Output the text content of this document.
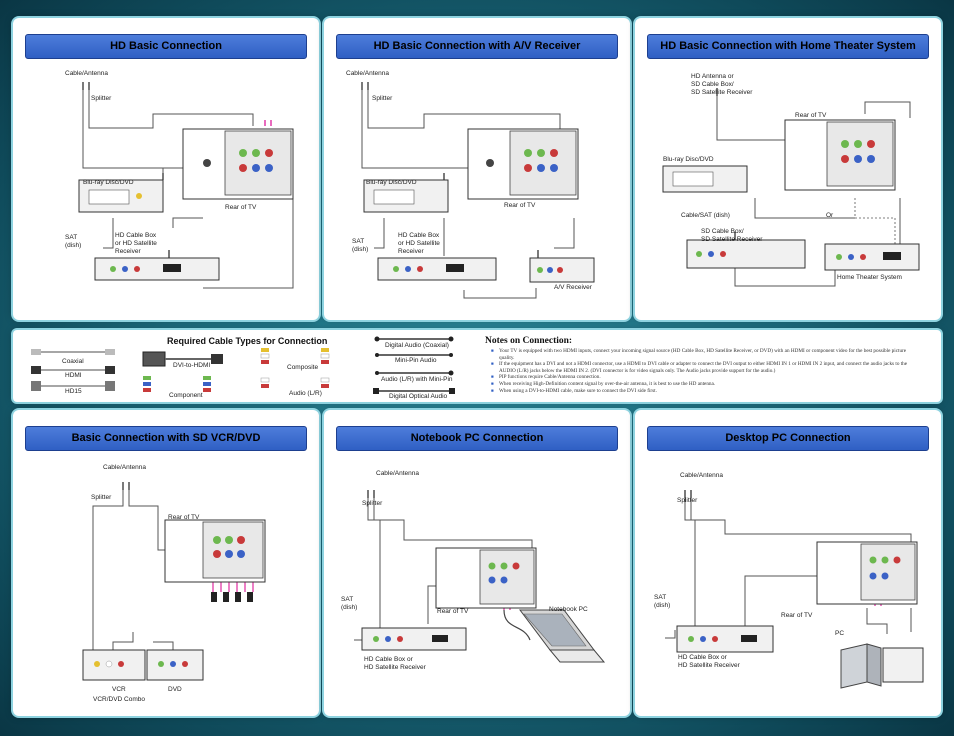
HD Basic Connection
Cable/Antenna
Splitter
Blu-ray Disc/DVD
Rear of TV
SAT
(dish)
HD Cable Box
or HD Satellite
Receiver
HD Basic Connection with A/V Receiver
Cable/Antenna
Splitter
Blu-ray Disc/DVD
Rear of TV
SAT
(dish)
HD Cable Box
or HD Satellite
Receiver
A/V Receiver
HD Basic Connection with Home Theater System
HD Antenna or
SD Cable Box/
SD Satellite Receiver
Rear of TV
Blu-ray Disc/DVD
Cable/SAT (dish)
SD Cable Box/
SD Satellite Receiver
Or
Home Theater System
Required Cable Types for Connection
Coaxial
HDMI
HD15
DVI-to-HDMI
Component
Composite
Audio (L/R)
Digital Audio (Coaxial)
Mini-Pin Audio
Audio (L/R) with Mini-Pin
Digital Optical Audio
Notes on Connection:
■ Your TV is equipped with two HDMI inputs, connect your incoming signal source (HD Cable Box, HD Satellite Receiver, or DVD) with an HDMI or component video for the best possible picture quality.
■ If the equipment has a DVI and not a HDMI connector, use a HDMI to DVI cable or adapter to connect the DVI output to either HDMI IN 1 or HDMI IN 2 input, and connect the audio jacks to the AUDIO (L/R) jacks below the HDMI IN 2. (DVI connector is for video signals only. The Audio jacks provide support for the audio.)
■ PIP functions require Cable/Antenna connection.
■ When receiving High-Definition content signal by over-the-air antenna, it is best to use the HD antenna.
■ When using a DVI-to-HDMI cable, make sure to connect the DVI side first.
Basic Connection with SD VCR/DVD
Cable/Antenna
Splitter
Rear of TV
VCR	DVD
VCR/DVD Combo
Notebook PC Connection
Cable/Antenna
Splitter
SAT
(dish)
Rear of TV	Notebook PC
HD Cable Box or
HD Satellite Receiver
Desktop PC Connection
Cable/Antenna
Splitter
SAT
(dish)
Rear of TV
PC
HD Cable Box or
HD Satellite Receiver
